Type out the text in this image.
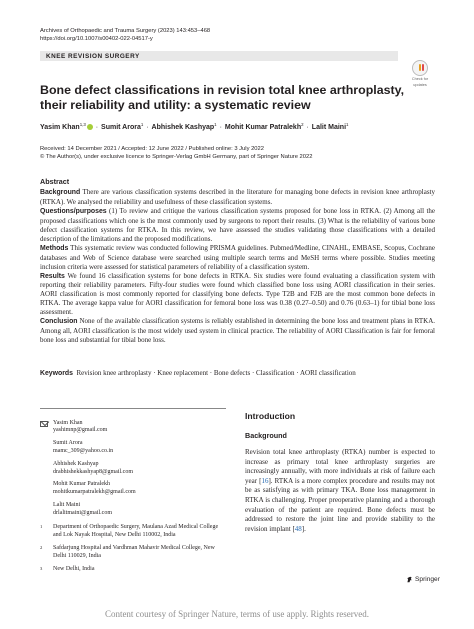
Archives of Orthopaedic and Trauma Surgery (2023) 143:453–468
https://doi.org/10.1007/s00402-022-04517-y
KNEE REVISION SURGERY
Check for
updates
Bone defect classifications in revision total knee arthroplasty, their reliability and utility: a systematic review
Yasim Khan$^{1,3}$ · Sumit Arora$^1$ · Abhishek Kashyap$^1$ · Mohit Kumar Patralekh$^2$ · Lalit Maini$^1$
Received: 14 December 2021 / Accepted: 12 June 2022 / Published online: 3 July 2022
© The Author(s), under exclusive licence to Springer-Verlag GmbH Germany, part of Springer Nature 2022
Abstract

Background There are various classification systems described in the literature for managing bone defects in revision knee arthroplasty (RTKA). We analysed the reliability and usefulness of these classification systems.

Questions/purposes (1) To review and critique the various classification systems proposed for bone loss in RTKA. (2) Among all the proposed classifications which one is the most commonly used by surgeons to report their results. (3) What is the reliability of various bone defect classification systems for RTKA. In this review, we have assessed the studies validating those classifications with a detailed description of the limitations and the proposed modifications.

Methods This systematic review was conducted following PRISMA guidelines. Pubmed/Medline, CINAHL, EMBASE, Scopus, Cochrane databases and Web of Science database were searched using multiple search terms and MeSH terms where possible. Studies meeting inclusion criteria were assessed for statistical parameters of reliability of a classification system.

Results We found 16 classification systems for bone defects in RTKA. Six studies were found evaluating a classification system with reporting their reliability parameters. Fifty-four studies were found which classified bone loss using AORI classification in their series. AORI classification is most commonly reported for classifying bone defects. Type T2B and F2B are the most common bone defects in RTKA. The average kappa value for AORI classification for femoral bone loss was 0.38 (0.27–0.50) and 0.76 (0.63–1) for tibial bone loss assessment.

Conclusion None of the available classification systems is reliably established in determining the bone loss and treatment plans in RTKA. Among all, AORI classification is the most widely used system in clinical practice. The reliability of AORI Classification is fair for femoral bone loss and substantial for tibial bone loss.

Keywords Revision knee arthroplasty · Knee replacement · Bone defects · Classification · AORI classification
Yasim Khan
yashimnp@gmail.com
Sumit Arora
mamc_309@yahoo.co.in
Abhishek Kashyap
drabhishekkashyap8@gmail.com
Mohit Kumar Patralekh
mohitkumarpatralekh@gmail.com
Lalit Maini
drlalitmaini@gmail.com
1	Department of Orthopaedic Surgery, Maulana Azad Medical College and Lok Nayak Hospital, New Delhi 110002, India
2	Safdarjung Hospital and Vardhman Mahavir Medical College, New Delhi 110029, India
3	New Delhi, India
Introduction
Background

Revision total knee arthroplasty (RTKA) number is expected to increase as primary total knee arthroplasty surgeries are increasingly annually, with more individuals at risk of failure each year [16]. RTKA is a more complex procedure and results may not be as satisfying as with primary TKA. Bone loss management in RTKA is challenging. Proper preoperative planning and a thorough evaluation of the patient are required. Bone defects must be addressed to restore the joint line and provide stability to the revision implant [48].

Springer
Content courtesy of Springer Nature, terms of use apply. Rights reserved.
